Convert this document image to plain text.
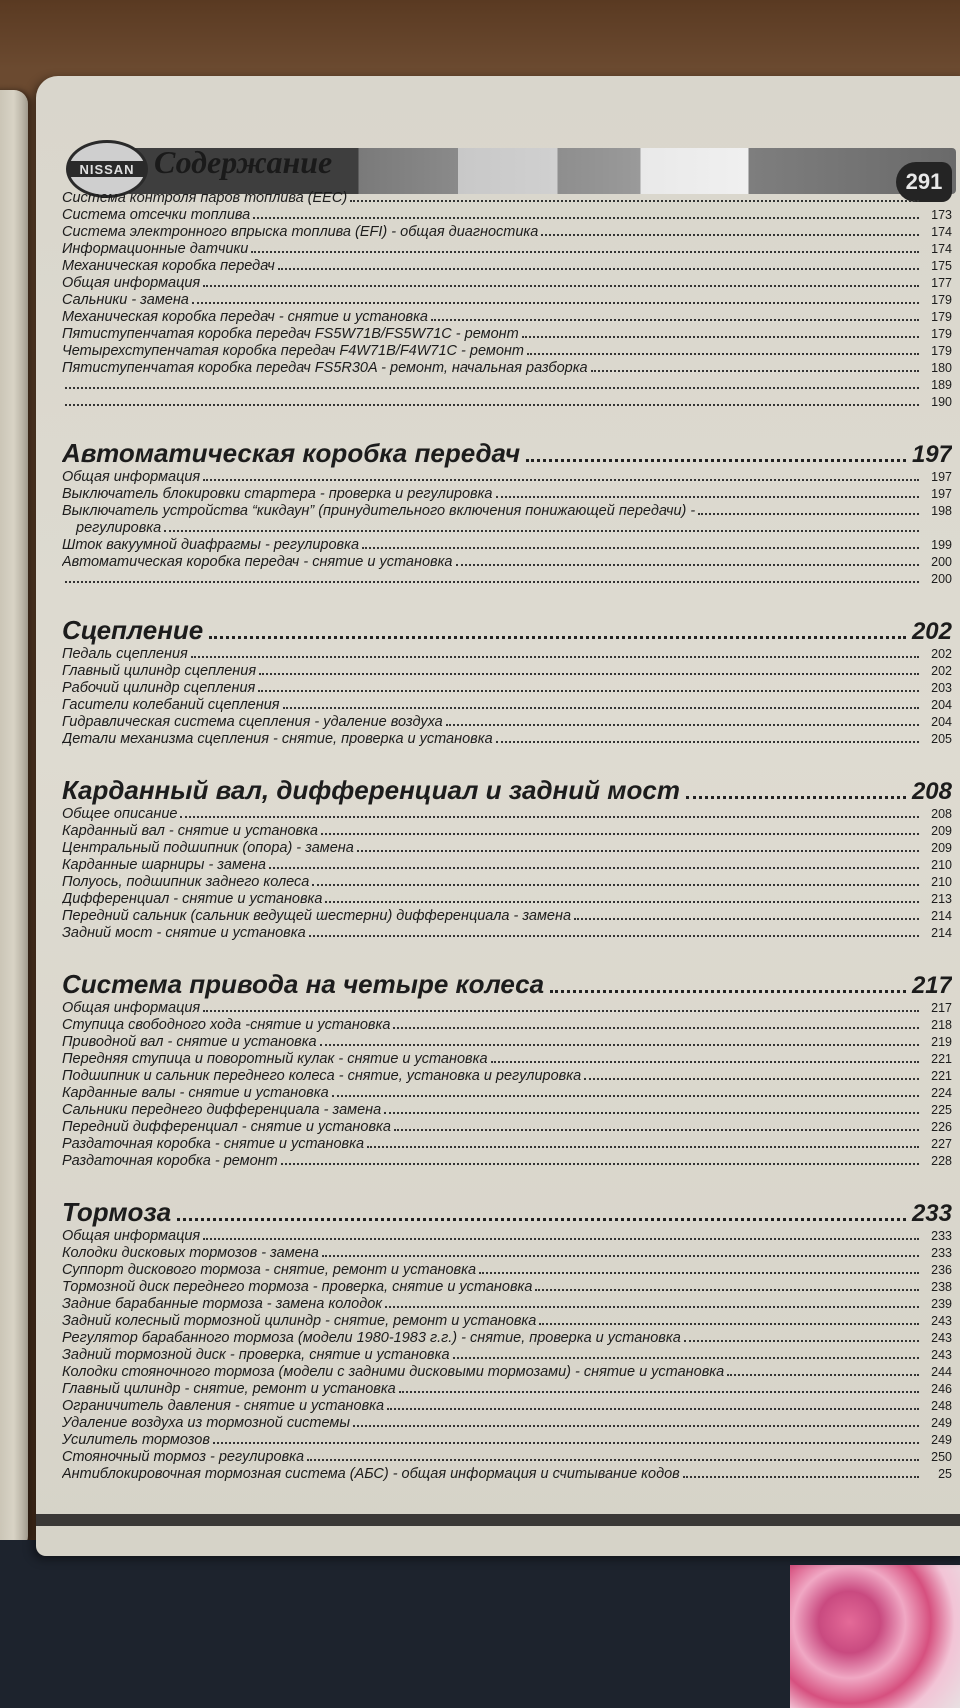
NISSAN Содержание
291
Система контроля паров топлива (EEC)
Система отсечки топлива	173
Система электронного впрыска топлива (EFI) - общая диагностика	174
Информационные датчики	174
Механическая коробка передач	175
Общая информация	177
Сальники - замена	179
Механическая коробка передач - снятие и установка	179
Пятиступенчатая коробка передач FS5W71B/FS5W71C - ремонт	179
Четырехступенчатая коробка передач F4W71B/F4W71C - ремонт	179
Пятиступенчатая коробка передач FS5R30A - ремонт, начальная разборка	180
189
190
Автоматическая коробка передач	197
Общая информация	197
Выключатель блокировки стартера - проверка и регулировка	197
Выключатель устройства “кикдаун” (принудительного включения понижающей передачи) -	198
регулировка
Шток вакуумной диафрагмы - регулировка	199
Автоматическая коробка передач - снятие и установка	200
200
Сцепление	202
Педаль сцепления	202
Главный цилиндр сцепления	202
Рабочий цилиндр сцепления	203
Гасители колебаний сцепления	204
Гидравлическая система сцепления - удаление воздуха	204
Детали механизма сцепления - снятие, проверка и установка	205
Карданный вал, дифференциал и задний мост	208
Общее описание	208
Карданный вал - снятие и установка	209
Центральный подшипник (опора) - замена	209
Карданные шарниры - замена	210
Полуось, подшипник заднего колеса	210
Дифференциал - снятие и установка	213
Передний сальник (сальник ведущей шестерни) дифференциала - замена	214
Задний мост - снятие и установка	214
Система привода на четыре колеса	217
Общая информация	217
Ступица свободного хода -снятие и установка	218
Приводной вал - снятие и установка	219
Передняя ступица и поворотный кулак - снятие и установка	221
Подшипник и сальник переднего колеса - снятие, установка и регулировка	221
Карданные валы - снятие и установка	224
Сальники переднего дифференциала - замена	225
Передний дифференциал - снятие и установка	226
Раздаточная коробка - снятие и установка	227
Раздаточная коробка - ремонт	228
Тормоза	233
Общая информация	233
Колодки дисковых тормозов - замена	233
Суппорт дискового тормоза - снятие, ремонт и установка	236
Тормозной диск переднего тормоза - проверка, снятие и установка	238
Задние барабанные тормоза - замена колодок	239
Задний колесный тормозной цилиндр - снятие, ремонт и установка	243
Регулятор барабанного тормоза (модели 1980-1983 г.г.) - снятие, проверка и установка	243
Задний тормозной диск - проверка, снятие и установка	243
Колодки стояночного тормоза (модели с задними дисковыми тормозами) - снятие и установка	244
Главный цилиндр - снятие, ремонт и установка	246
Ограничитель давления - снятие и установка	248
Удаление воздуха из тормозной системы	249
Усилитель тормозов	249
Стояночный тормоз - регулировка	250
Антиблокировочная тормозная система (АБС) - общая информация и считывание кодов	25
